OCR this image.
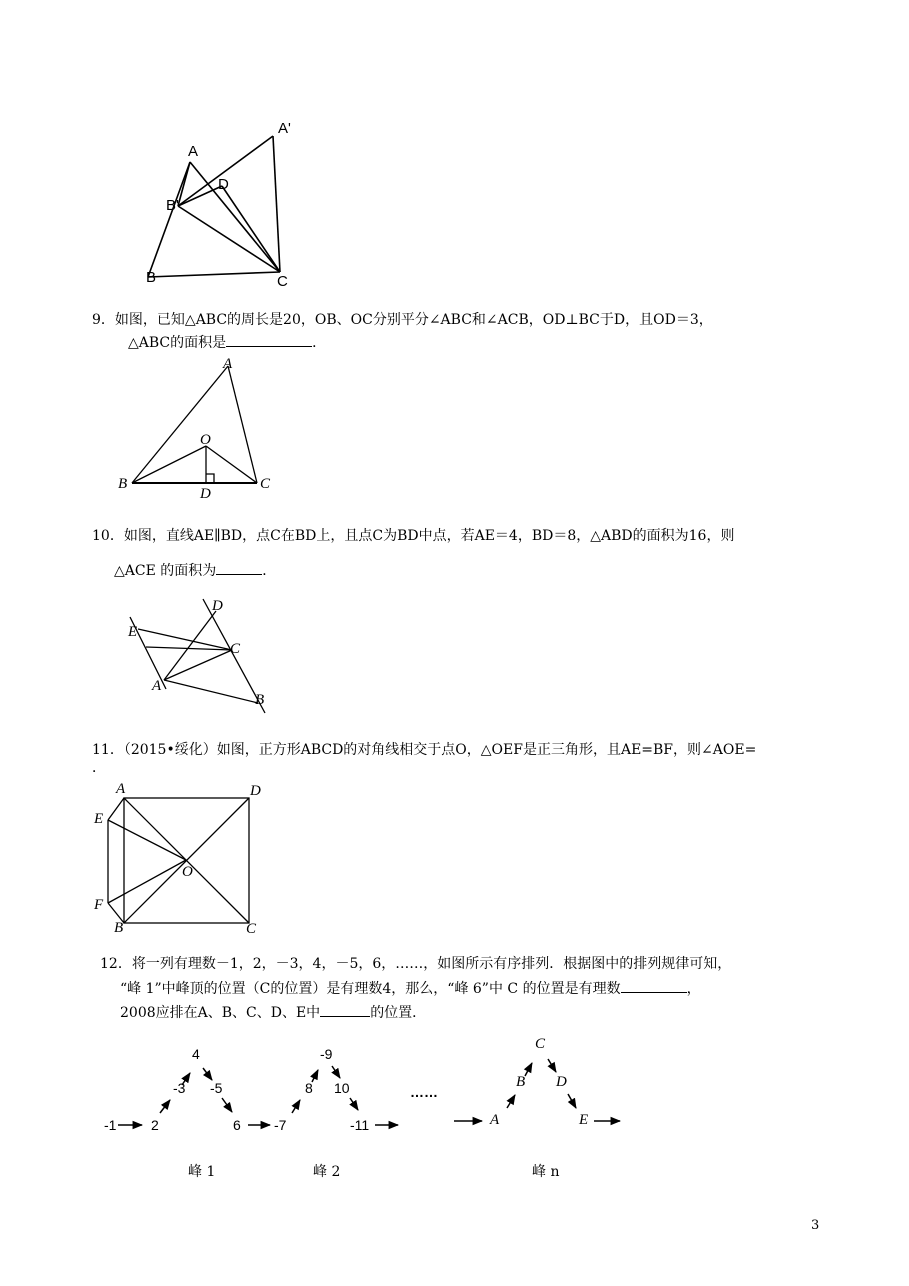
A
A'
D
B'
B	C
9．如图，已知△ABC的周长是20，OB、OC分别平分∠ABC和∠ACB，OD⊥BC于D，且OD＝3，
△ABC的面积是	．
A
O
B	C
D
10．如图，直线AE∥BD，点C在BD上，且点C为BD中点，若AE＝4，BD＝8，△ABD的面积为16，则
△ACE 的面积为	．
D
E
C
A
B
11．（2015•绥化）如图，正方形ABCD的对角线相交于点O，△OEF是正三角形，且AE=BF，则∠AOE=
．
A	D
E
O
F
B	C
12．将一列有理数－1，2，－3，4，－5，6，……，如图所示有序排列．根据图中的排列规律可知，
“峰 1”中峰顶的位置（C的位置）是有理数4，那么，“峰 6”中 C 的位置是有理数	，
2008应排在A、B、C、D、E中	的位置．
-1 2
-3
4
-5
6 -7
8
-9
10
-11
……
A
B
C
D
E
峰 1	峰 2	峰 n
3
